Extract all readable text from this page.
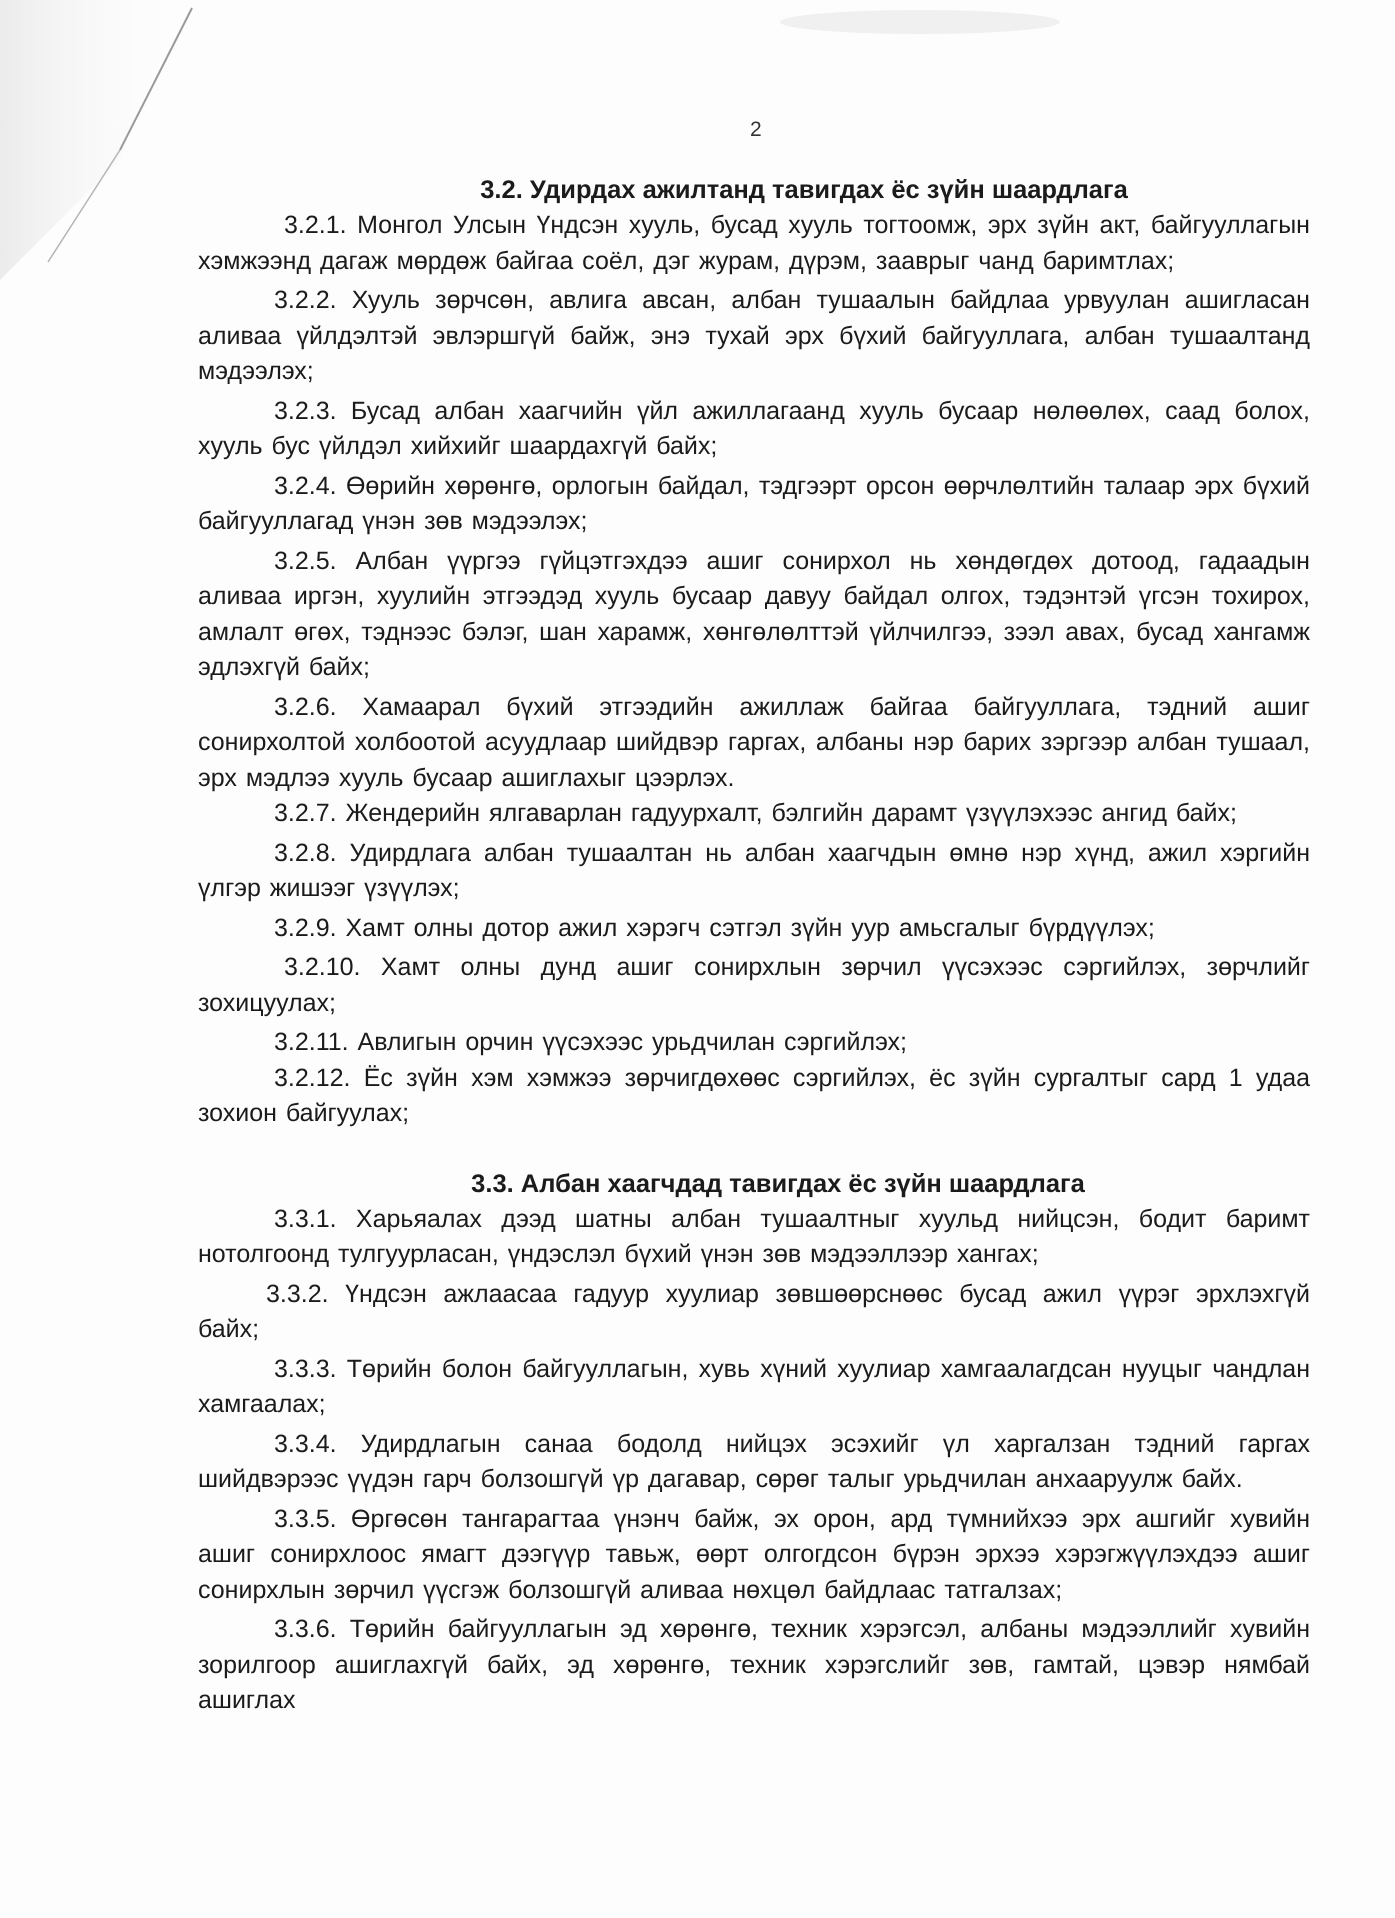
2

3.2. Удирдах ажилтанд тавигдах ёс зүйн шаардлага

3.2.1. Монгол Улсын Үндсэн хууль, бусад хууль тогтоомж, эрх зүйн акт, байгууллагын хэмжээнд дагаж мөрдөж байгаа соёл, дэг журам, дүрэм, зааврыг чанд баримтлах;

3.2.2. Хууль зөрчсөн, авлига авсан, албан тушаалын байдлаа урвуулан ашигласан аливаа үйлдэлтэй эвлэршгүй байж, энэ тухай эрх бүхий байгууллага, албан тушаалтанд мэдээлэх;

3.2.3. Бусад албан хаагчийн үйл ажиллагаанд хууль бусаар нөлөөлөх, саад болох, хууль бус үйлдэл хийхийг шаардахгүй байх;

3.2.4. Өөрийн хөрөнгө, орлогын байдал, тэдгээрт орсон өөрчлөлтийн талаар эрх бүхий байгууллагад үнэн зөв мэдээлэх;

3.2.5. Албан үүргээ гүйцэтгэхдээ ашиг сонирхол нь хөндөгдөх дотоод, гадаадын аливаа иргэн, хуулийн этгээдэд хууль бусаар давуу байдал олгох, тэдэнтэй үгсэн тохирох, амлалт өгөх, тэднээс бэлэг, шан харамж, хөнгөлөлттэй үйлчилгээ, зээл авах, бусад хангамж эдлэхгүй байх;

3.2.6. Хамаарал бүхий этгээдийн ажиллаж байгаа байгууллага, тэдний ашиг сонирхолтой холбоотой асуудлаар шийдвэр гаргах, албаны нэр барих зэргээр албан тушаал, эрх мэдлээ хууль бусаар ашиглахыг цээрлэх.

3.2.7. Жендерийн ялгаварлан гадуурхалт, бэлгийн дарамт үзүүлэхээс ангид байх;

3.2.8. Удирдлага албан тушаалтан нь албан хаагчдын өмнө нэр хүнд, ажил хэргийн үлгэр жишээг үзүүлэх;

3.2.9. Хамт олны дотор ажил хэрэгч сэтгэл зүйн уур амьсгалыг бүрдүүлэх;

3.2.10. Хамт олны дунд ашиг сонирхлын зөрчил үүсэхээс сэргийлэх, зөрчлийг зохицуулах;

3.2.11. Авлигын орчин үүсэхээс урьдчилан сэргийлэх;

3.2.12. Ёс зүйн хэм хэмжээ зөрчигдөхөөс сэргийлэх, ёс зүйн сургалтыг сард 1 удаа зохион байгуулах;

3.3. Албан хаагчдад тавигдах ёс зүйн шаардлага

3.3.1. Харьяалах дээд шатны албан тушаалтныг хуульд нийцсэн, бодит баримт нотолгоонд тулгуурласан, үндэслэл бүхий үнэн зөв мэдээллээр хангах;

3.3.2. Үндсэн ажлаасаа гадуур хуулиар зөвшөөрснөөс бусад ажил үүрэг эрхлэхгүй байх;

3.3.3. Төрийн болон байгууллагын, хувь хүний хуулиар хамгаалагдсан нууцыг чандлан хамгаалах;

3.3.4. Удирдлагын санаа бодолд нийцэх эсэхийг үл харгалзан тэдний гаргах шийдвэрээс үүдэн гарч болзошгүй үр дагавар, сөрөг талыг урьдчилан анхааруулж байх.

3.3.5. Өргөсөн тангарагтаа үнэнч байж, эх орон, ард түмнийхээ эрх ашгийг хувийн ашиг сонирхлоос ямагт дээгүүр тавьж, өөрт олгогдсон бүрэн эрхээ хэрэгжүүлэхдээ ашиг сонирхлын зөрчил үүсгэж болзошгүй аливаа нөхцөл байдлаас татгалзах;

3.3.6. Төрийн байгууллагын эд хөрөнгө, техник хэрэгсэл, албаны мэдээллийг хувийн зорилгоор ашиглахгүй байх, эд хөрөнгө, техник хэрэгслийг зөв, гамтай, цэвэр нямбай ашиглах
